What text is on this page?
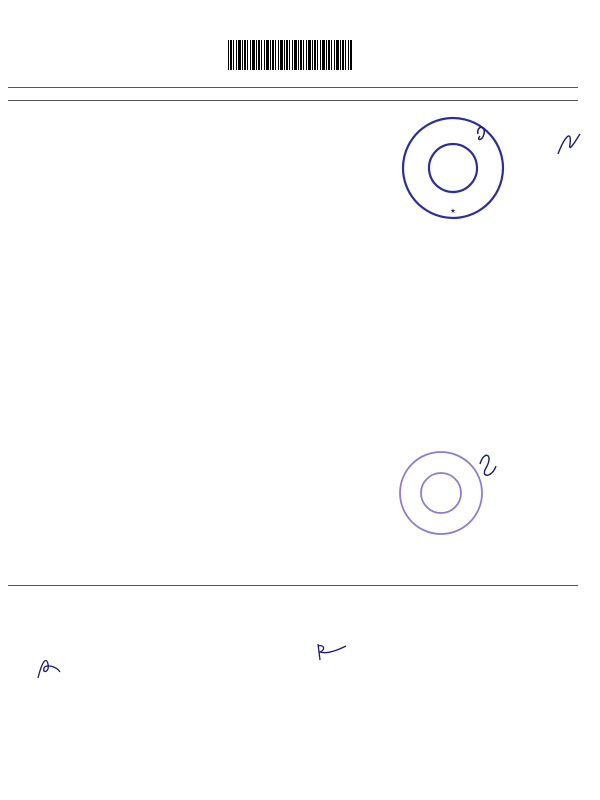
★
